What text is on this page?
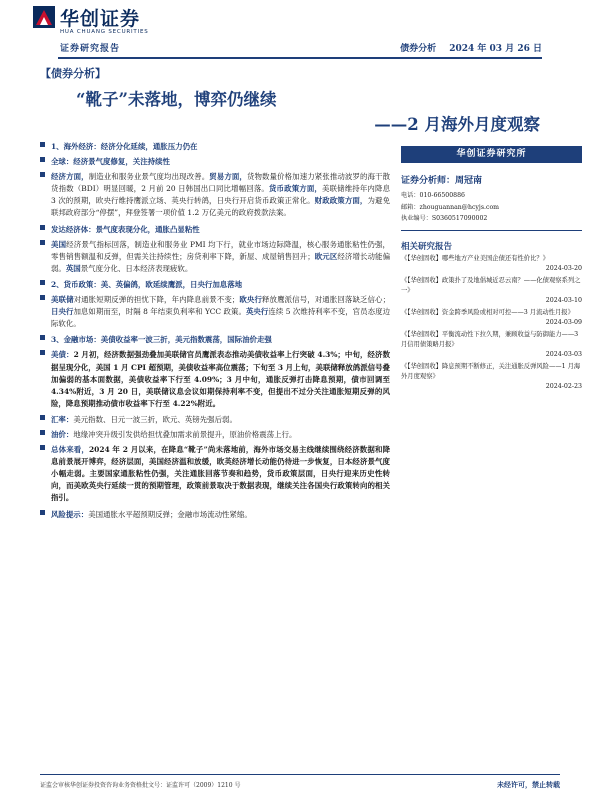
华创证券
HUA CHUANG SECURITIES
证券研究报告	债券分析 2024 年 03 月 26 日
【债券分析】
“靴子”未落地，博弈仍继续
——2 月海外月度观察

1、海外经济：经济分化延续，通胀压力仍在

全球：经济景气度修复，关注持续性

经济方面，制造业和服务业景气度均出现改善。贸易方面，货物数量价格加速力紧张推动波罗的海干散货指数（BDI）明显回暖，2 月前 20 日韩国出口同比增幅回落。货币政策方面，美联储维持年内降息 3 次的预期，欧央行维持鹰派立场、英央行转鸽，日央行开启货币政策正常化。财政政策方面，为避免联邦政府部分“停摆”，拜登签署一项价值 1.2 万亿美元的政府拨款法案。

发达经济体：景气度表现分化，通胀凸显粘性

美国经济景气指标回落，制造业和服务业 PMI 均下行，就业市场边际降温，核心服务通胀粘性仍强，零售销售额温和反弹，但需关注持续性；房贷利率下降，新屋、成屋销售回升；欧元区经济增长动能偏弱。英国景气度分化、日本经济表现疲软。

2、货币政策：美、英偏鸽，欧延续鹰派，日央行加息落地

美联储对通胀短期反弹的担忧下降，年内降息前景不变；欧央行释放鹰派信号，对通胀回落缺乏信心；日央行加息如期而至，时隔 8 年结束负利率和 YCC 政策。英央行连续 5 次维持利率不变，官员态度边际软化。

3、金融市场：美债收益率一波三折，美元指数震荡，国际油价走强

美债：2 月初，经济数据强劲叠加美联储官员鹰派表态推动美债收益率上行突破 4.3%；中旬，经济数据呈现分化，美国 1 月 CPI 超预期，美债收益率高位震荡；下旬至 3 月上旬，美联储释放鸽派信号叠加偏弱的基本面数据，美债收益率下行至 4.09%；3 月中旬，通胀反弹打击降息预期，债市回调至 4.34%附近，3 月 20 日，美联储议息会议如期保持利率不变，但提出不过分关注通胀短期反弹的风险，降息预期推动债市收益率下行至 4.22%附近。

汇率：美元指数、日元一波三折，欧元、英镑先强后弱。

油价：地缘冲突升级引发供给担忧叠加需求前景提升，原油价格震荡上行。

总体来看，2024 年 2 月以来，在降息“靴子”尚未落地前，海外市场交易主线继续围绕经济数据和降息前景展开博弈，经济层面，美国经济温和放缓，欧英经济增长动能仍待进一步恢复，日本经济景气度小幅走弱。主要国家通胀粘性仍强，关注通胀回落节奏和趋势，货币政策层面，日央行迎来历史性转向，而美欧英央行延续一贯的预期管理，政策前景取决于数据表现，继续关注各国央行政策转向的相关指引。

风险提示：美国通胀水平超预期反弹；金融市场流动性紧缩。

华创证券研究所
证券分析师：周冠南
电话：010-66500886
邮箱：zhouguannan@hcyjs.com
执业编号：S0360517090002
相关研究报告
《【华创固收】哪些地方产业美国企债还有性价比？》
2024-03-20
《【华创固收】政策扑了及地倡城近忍云南？——化债观察系列之一》
2024-03-10
《【华创固收】资金跨季风险或相对可控——3 月流动性月报》
2024-03-09
《【华创固收】平衡流动性下拉久期，兼顾收益与防御能力——3 月信用债策略月报》
2024-03-03
《【华创固收】降息预期不断修正，关注通胀反弹风险——1 月海外月度观察》
2024-02-23
证监会审核华创证券投资咨询业务资格批文号：证监许可（2009）1210 号	未经许可，禁止转载
